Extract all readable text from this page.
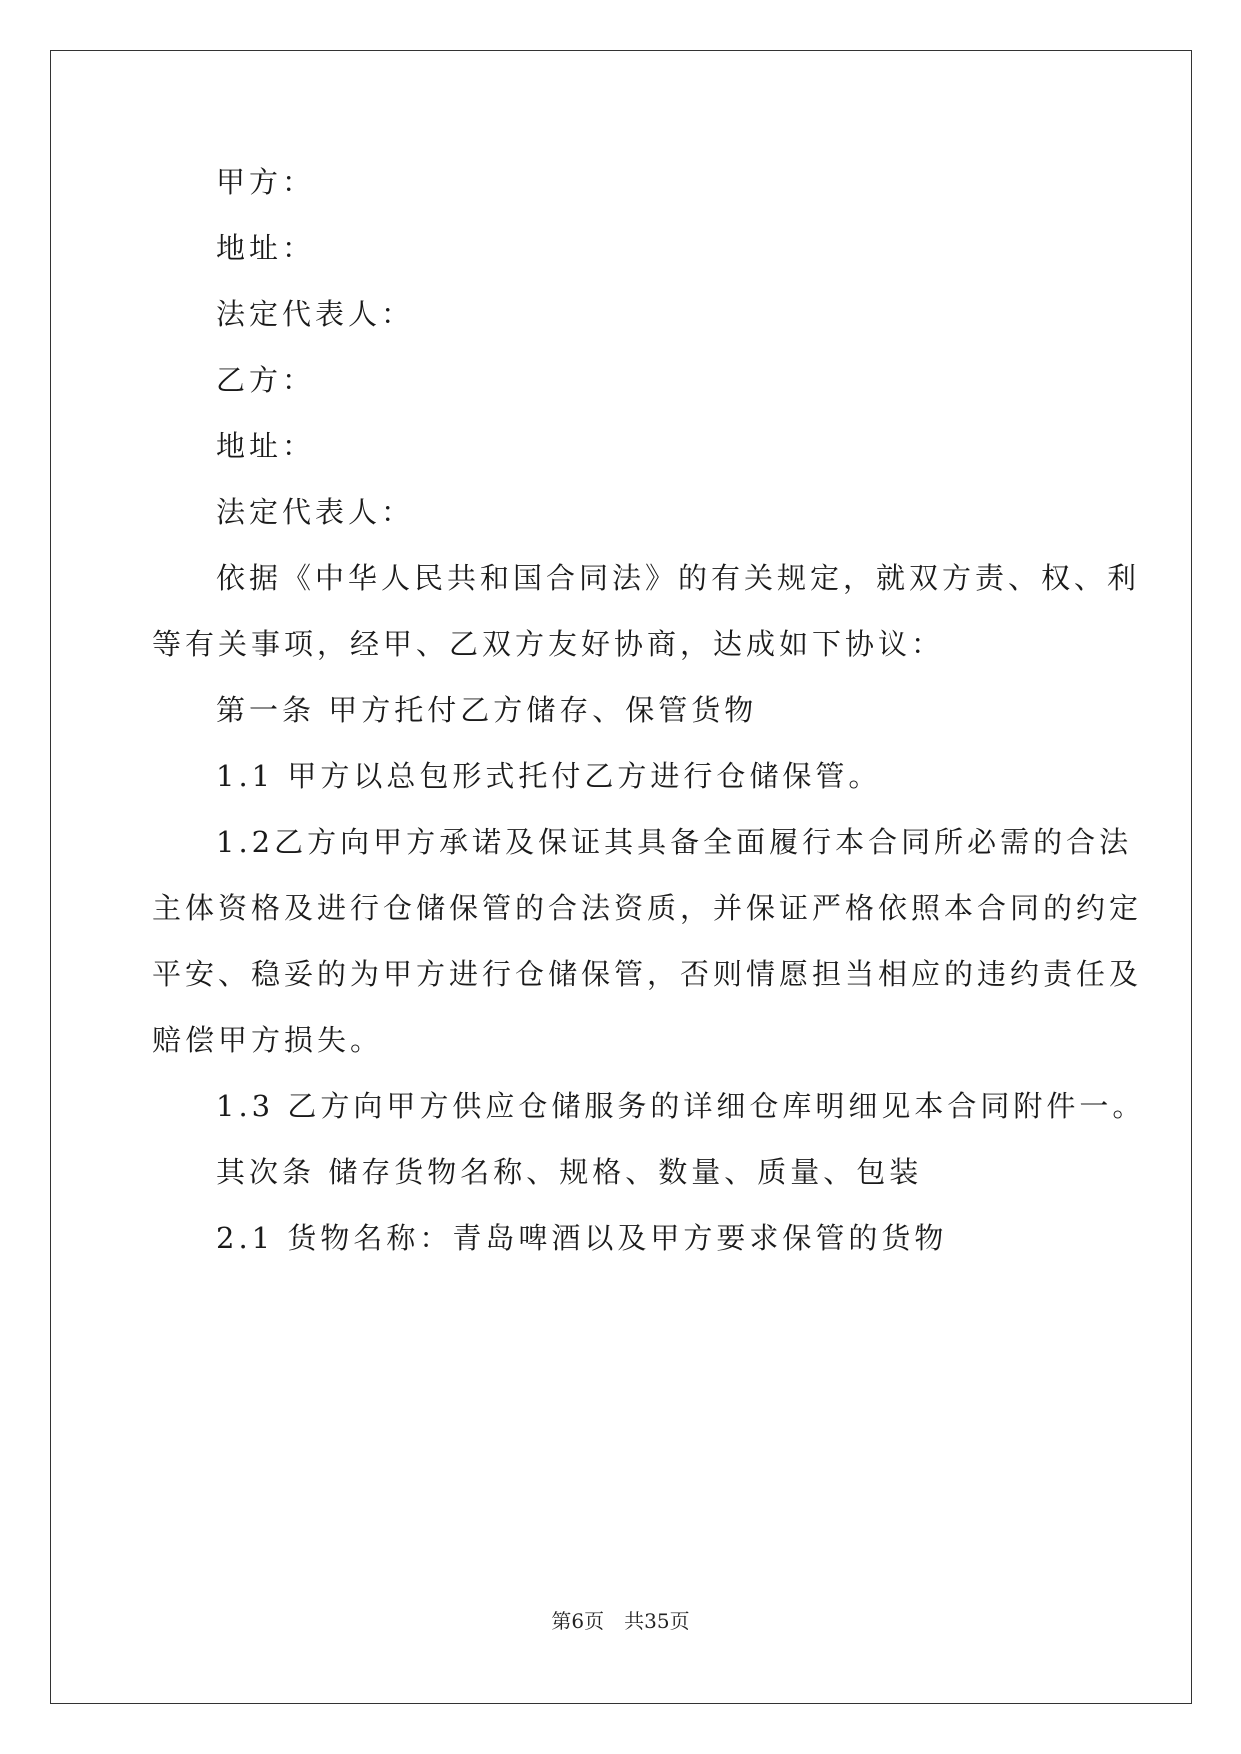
甲方：
地址：
法定代表人：
乙方：
地址：
法定代表人：
依据《中华人民共和国合同法》的有关规定，就双方责、权、利
等有关事项，经甲、乙双方友好协商，达成如下协议：
第一条 甲方托付乙方储存、保管货物
1.1 甲方以总包形式托付乙方进行仓储保管。
1.2乙方向甲方承诺及保证其具备全面履行本合同所必需的合法
主体资格及进行仓储保管的合法资质，并保证严格依照本合同的约定
平安、稳妥的为甲方进行仓储保管，否则情愿担当相应的违约责任及
赔偿甲方损失。
1.3 乙方向甲方供应仓储服务的详细仓库明细见本合同附件一。
其次条 储存货物名称、规格、数量、质量、包装
2.1 货物名称：青岛啤酒以及甲方要求保管的货物
第6页 共35页
